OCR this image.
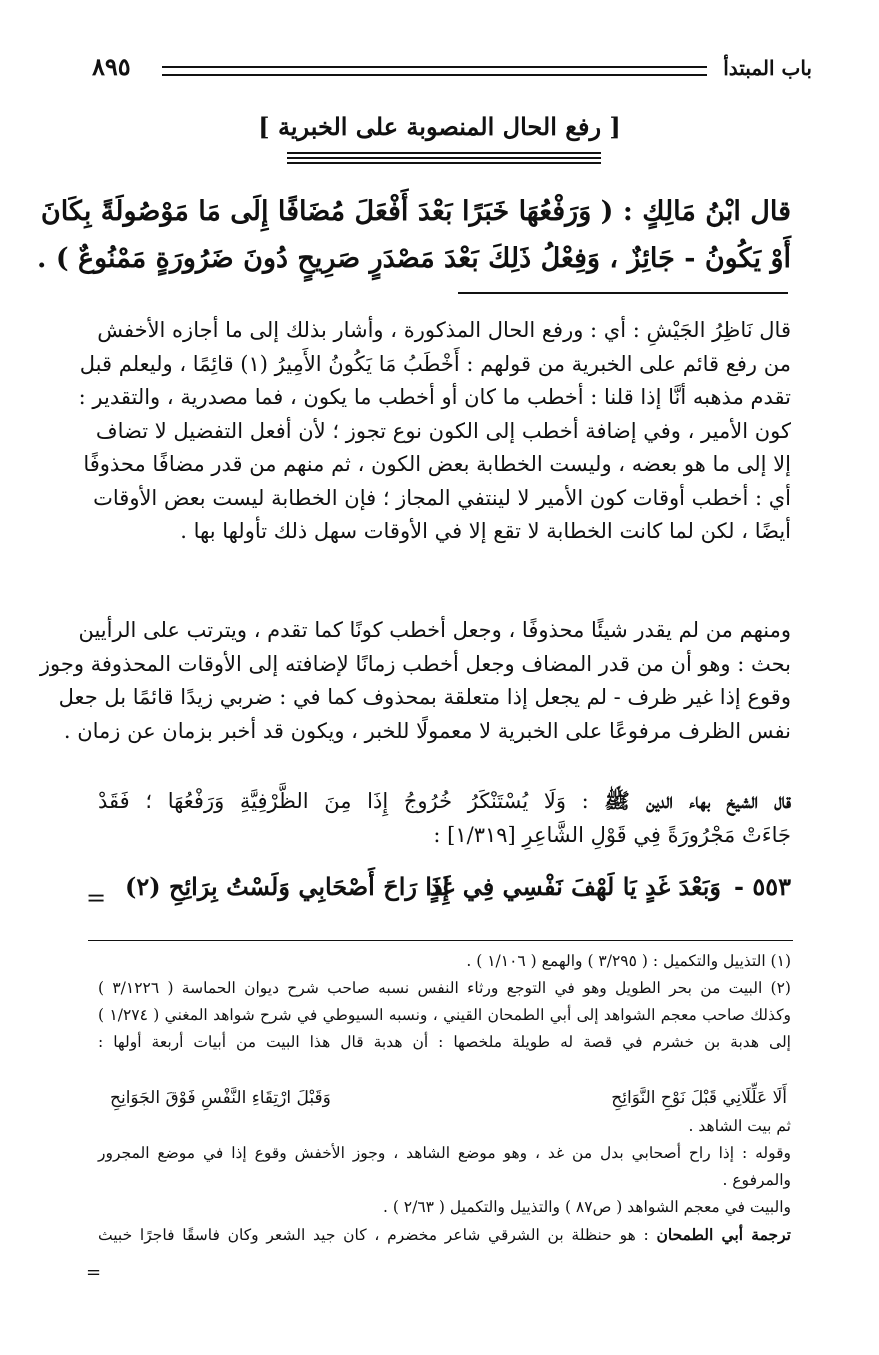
باب المبتدأ
٨٩٥
[ رفع الحال المنصوبة على الخبرية ]
قال ابْنُ مَالِكٍ : ( وَرَفْعُهَا خَبَرًا بَعْدَ أَفْعَلَ مُضَافًا إِلَى مَا مَوْصُولَةً بِكَانَ
أَوْ يَكُونُ - جَائِزٌ ، وَفِعْلُ ذَلِكَ بَعْدَ مَصْدَرٍ صَرِيحٍ دُونَ ضَرُورَةٍ مَمْنُوعٌ ) .
قال نَاظِرُ الجَيْشِ : أي : ورفع الحال المذكورة ، وأشار بذلك إلى ما أجازه الأخفش
من رفع قائم على الخبرية من قولهم : أَخْطَبُ مَا يَكُونُ الأَمِيرُ (١) قائِمًا ، وليعلم قبل
تقدم مذهبه أنَّا إذا قلنا : أخطب ما كان أو أخطب ما يكون ، فما مصدرية ، والتقدير :
كون الأمير ، وفي إضافة أخطب إلى الكون نوع تجوز ؛ لأن أفعل التفضيل لا تضاف
إلا إلى ما هو بعضه ، وليست الخطابة بعض الكون ، ثم منهم من قدر مضافًا محذوفًا
أي : أخطب أوقات كون الأمير لا لينتفي المجاز ؛ فإن الخطابة ليست بعض الأوقات
أيضًا ، لكن لما كانت الخطابة لا تقع إلا في الأوقات سهل ذلك تأولها بها .
ومنهم من لم يقدر شيئًا محذوفًا ، وجعل أخطب كونًا كما تقدم ، ويترتب على الرأيين
بحث : وهو أن من قدر المضاف وجعل أخطب زمانًا لإضافته إلى الأوقات المحذوفة وجوز
وقوع إذا غير ظرف - لم يجعل إذا متعلقة بمحذوف كما في : ضربي زيدًا قائمًا بل جعل
نفس الظرف مرفوعًا على الخبرية لا معمولًا للخبر ، ويكون قد أخبر بزمان عن زمان .
قال الشيخ بهاء الدين ﷺ : وَلَا يُسْتَنْكَرُ خُرُوجُ إِذَا مِنَ الظَّرْفِيَّةِ وَرَفْعُهَا ؛ فَقَدْ
جَاءَتْ مَجْرُورَةً فِي قَوْلِ الشَّاعِرِ [١/٣١٩] :
٥٥٣ -
وَبَعْدَ غَدٍ يَا لَهْفَ نَفْسِي فِي غَدٍ
إِذَا رَاحَ أَصْحَابِي وَلَسْتُ بِرَائِحِ (٢)
=
(١) التذييل والتكميل : ( ٣/٢٩٥ ) والهمع ( ١/١٠٦ ) .
(٢) البيت من بحر الطويل وهو في التوجع ورثاء النفس نسبه صاحب شرح ديوان الحماسة ( ٣/١٢٢٦ )
وكذلك صاحب معجم الشواهد إلى أبي الطمحان القيني ، ونسبه السيوطي في شرح شواهد المغني ( ١/٢٧٤ )
إلى هدبة بن خشرم في قصة له طويلة ملخصها : أن هدبة قال هذا البيت من أبيات أربعة أولها :
أَلَا عَلِّلَانِي قَبْلَ نَوْحِ النَّوَائِحِ
وَقَبْلَ ارْتِقَاءِ النَّفْسِ فَوْقَ الجَوَانِحِ
ثم بيت الشاهد .
وقوله : إذا راح أصحابي بدل من غد ، وهو موضع الشاهد ، وجوز الأخفش وقوع إذا في موضع المجرور
والمرفوع .
والبيت في معجم الشواهد ( ص٨٧ ) والتذييل والتكميل ( ٢/٦٣ ) .
ترجمة أبي الطمحان : هو حنظلة بن الشرقي شاعر مخضرم ، كان جيد الشعر وكان فاسقًا فاجرًا خبيث
=
